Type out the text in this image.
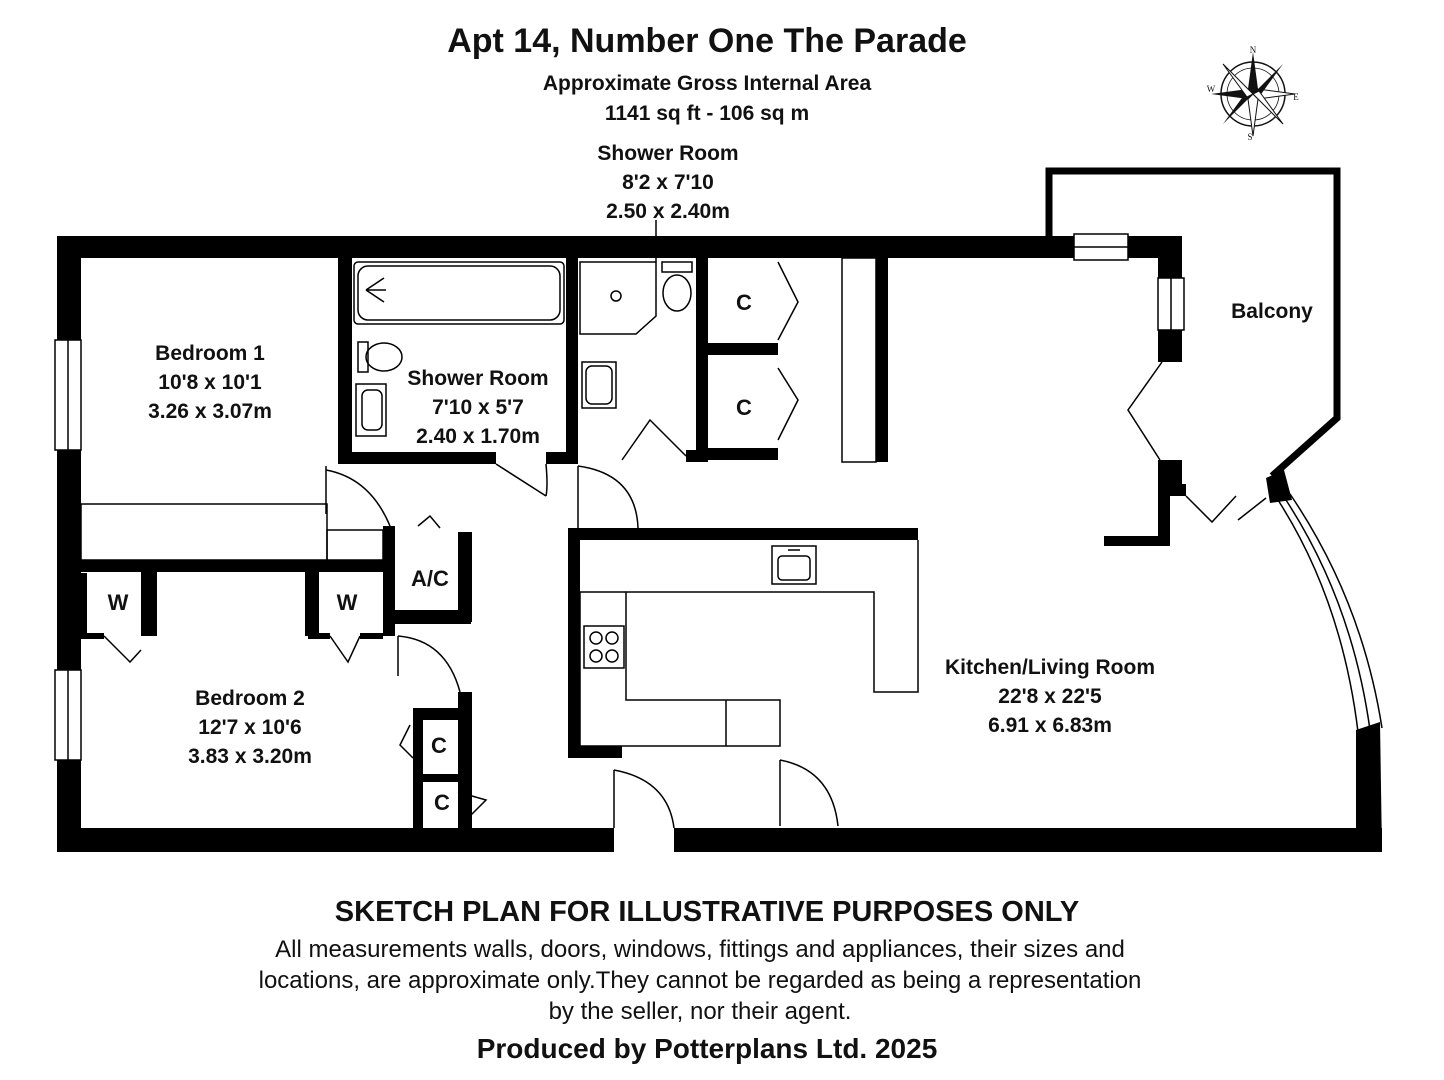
Apt 14, Number One The Parade
Approximate Gross Internal Area
1141 sq ft - 106 sq m
N
E
S
W
Shower Room
8'2 x 7'10
2.50 x 2.40m
Bedroom 1
10'8 x 10'1
3.26 x 3.07m
Shower Room
7'10 x 5'7
2.40 x 1.70m
Balcony
Bedroom 2
12'7 x 10'6
3.83 x 3.20m
Kitchen/Living Room
22'8 x 22'5
6.91 x 6.83m
C
C
A/C
W	W
C
C
SKETCH PLAN FOR ILLUSTRATIVE PURPOSES ONLY
All measurements walls, doors, windows, fittings and appliances, their sizes and locations, are approximate only.They cannot be regarded as being a representation by the seller, nor their agent.
Produced by Potterplans Ltd. 2025
